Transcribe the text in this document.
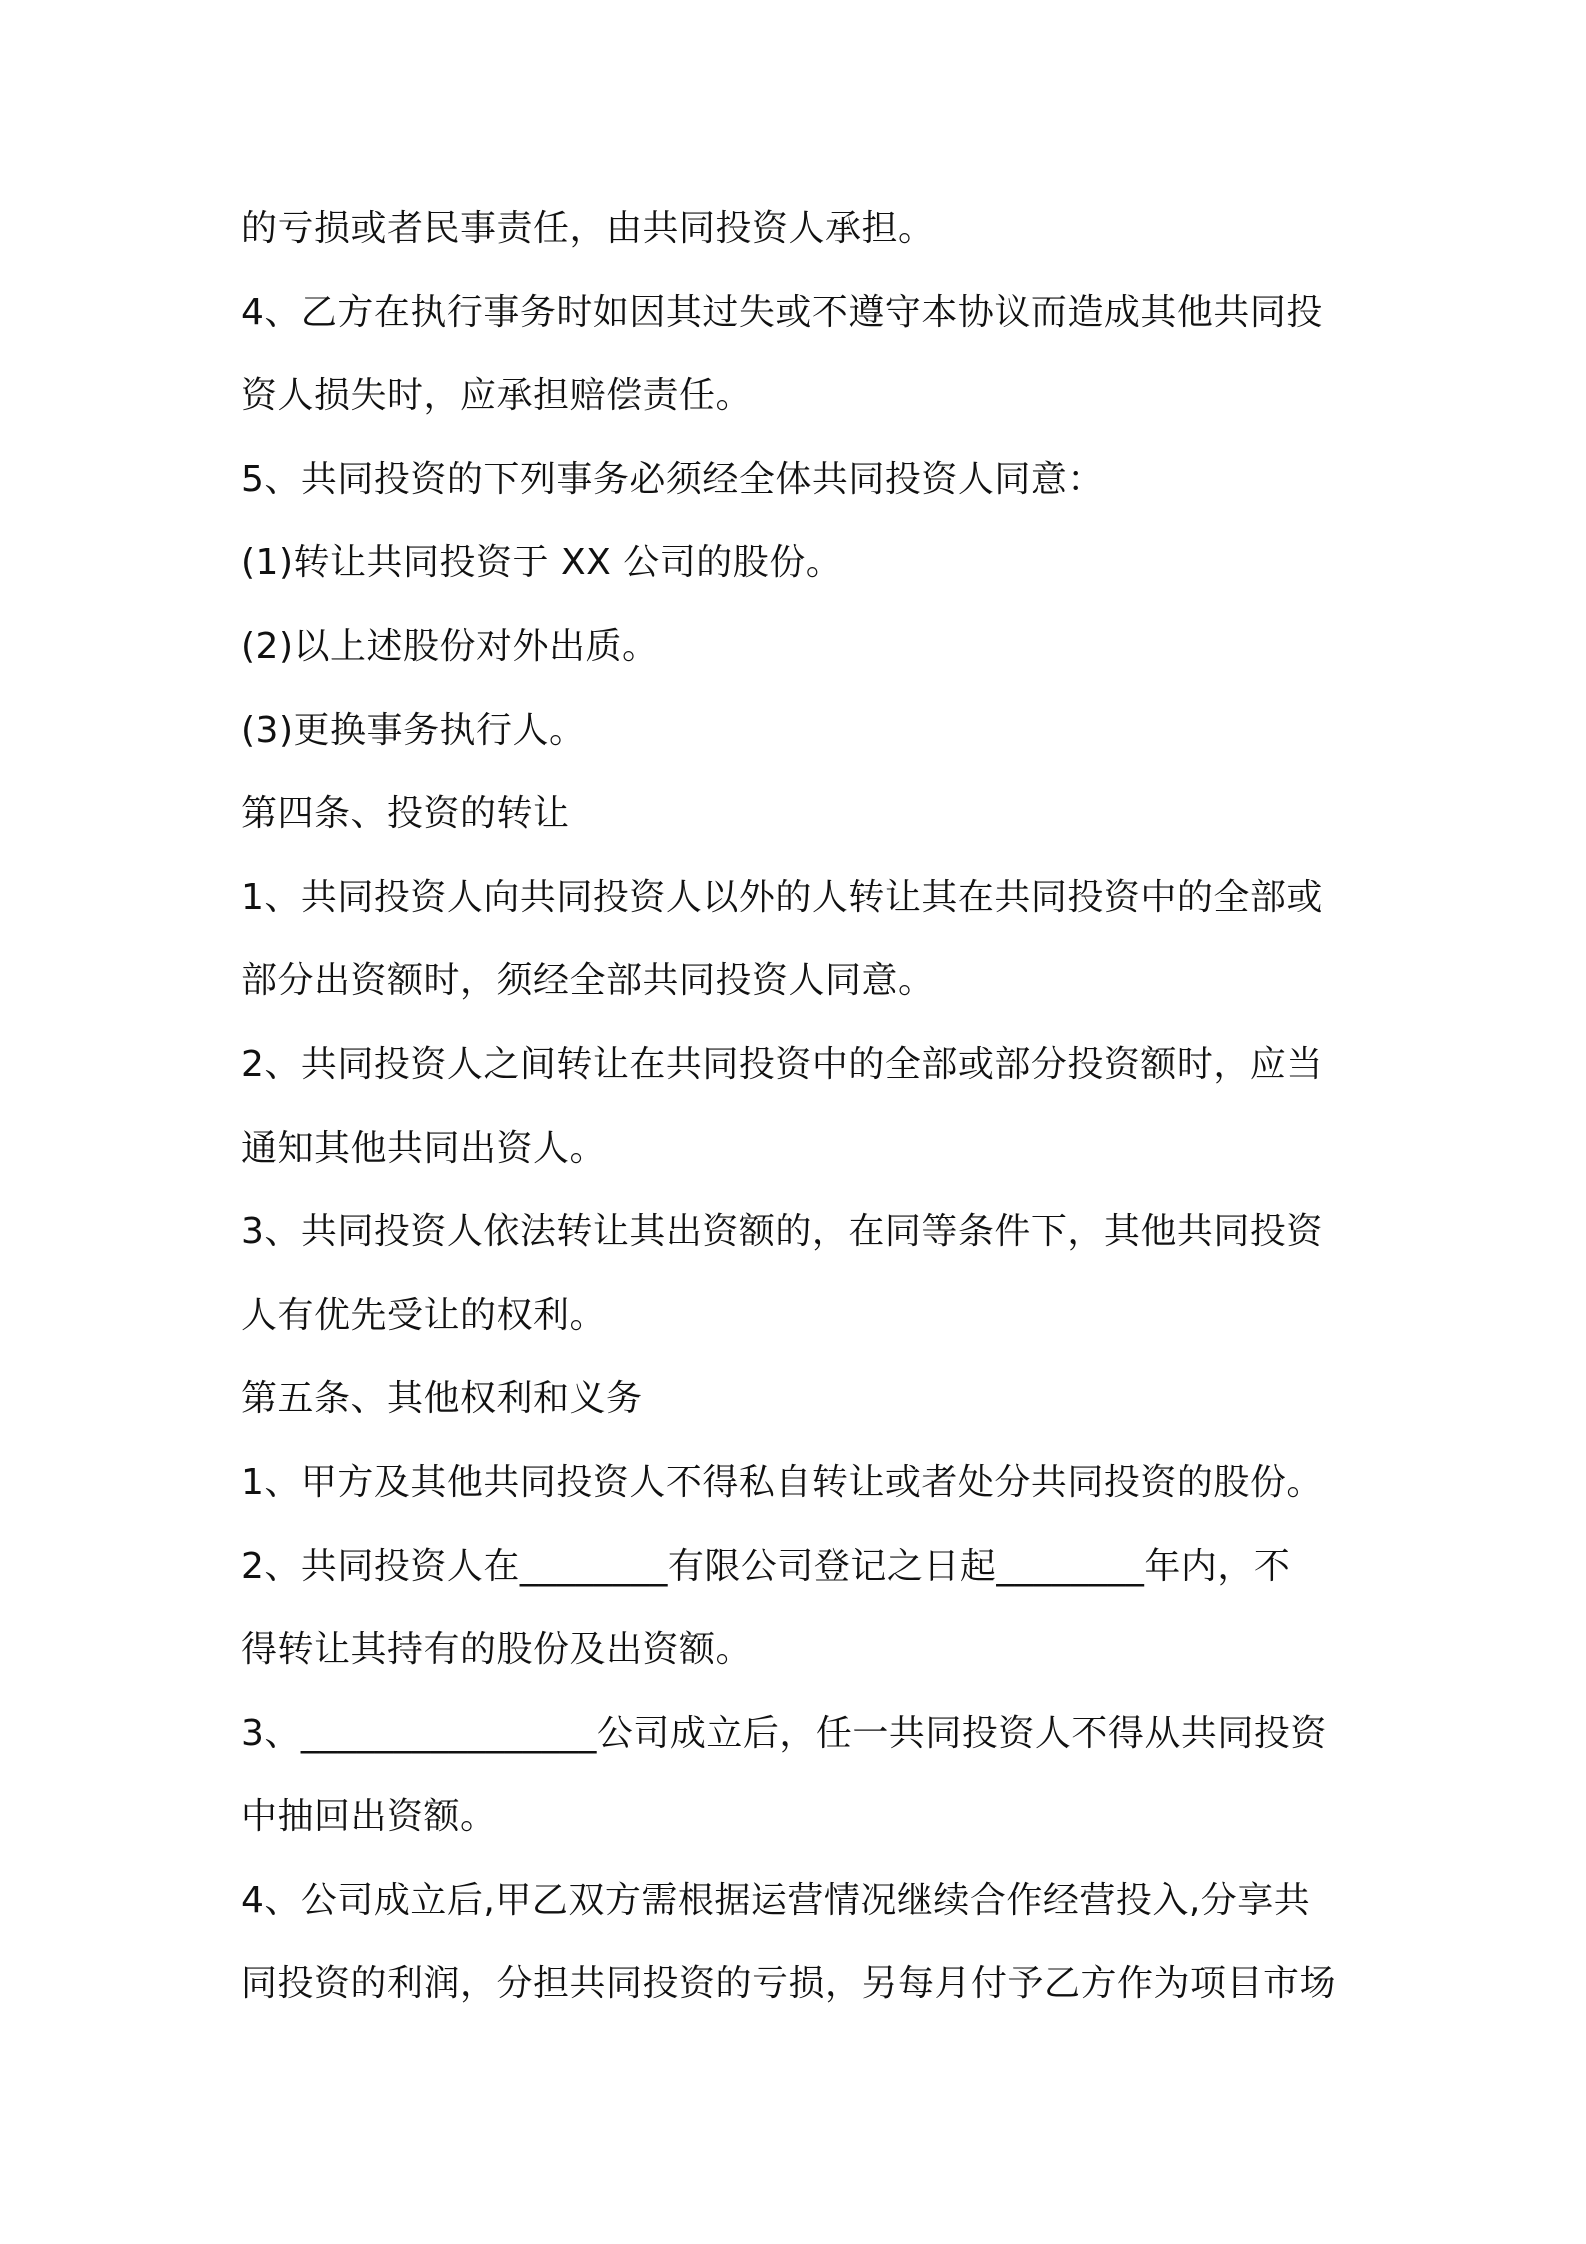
的亏损或者民事责任，由共同投资人承担。
4、乙方在执行事务时如因其过失或不遵守本协议而造成其他共同投
资人损失时，应承担赔偿责任。
5、共同投资的下列事务必须经全体共同投资人同意：
(1)转让共同投资于 XX 公司的股份。
(2)以上述股份对外出质。
(3)更换事务执行人。
第四条、投资的转让
1、共同投资人向共同投资人以外的人转让其在共同投资中的全部或
部分出资额时，须经全部共同投资人同意。
2、共同投资人之间转让在共同投资中的全部或部分投资额时，应当
通知其他共同出资人。
3、共同投资人依法转让其出资额的，在同等条件下，其他共同投资
人有优先受让的权利。
第五条、其他权利和义务
1、甲方及其他共同投资人不得私自转让或者处分共同投资的股份。
2、共同投资人在________有限公司登记之日起________年内，不
得转让其持有的股份及出资额。
3、________________公司成立后，任一共同投资人不得从共同投资
中抽回出资额。
4、公司成立后,甲乙双方需根据运营情况继续合作经营投入,分享共
同投资的利润，分担共同投资的亏损，另每月付予乙方作为项目市场
